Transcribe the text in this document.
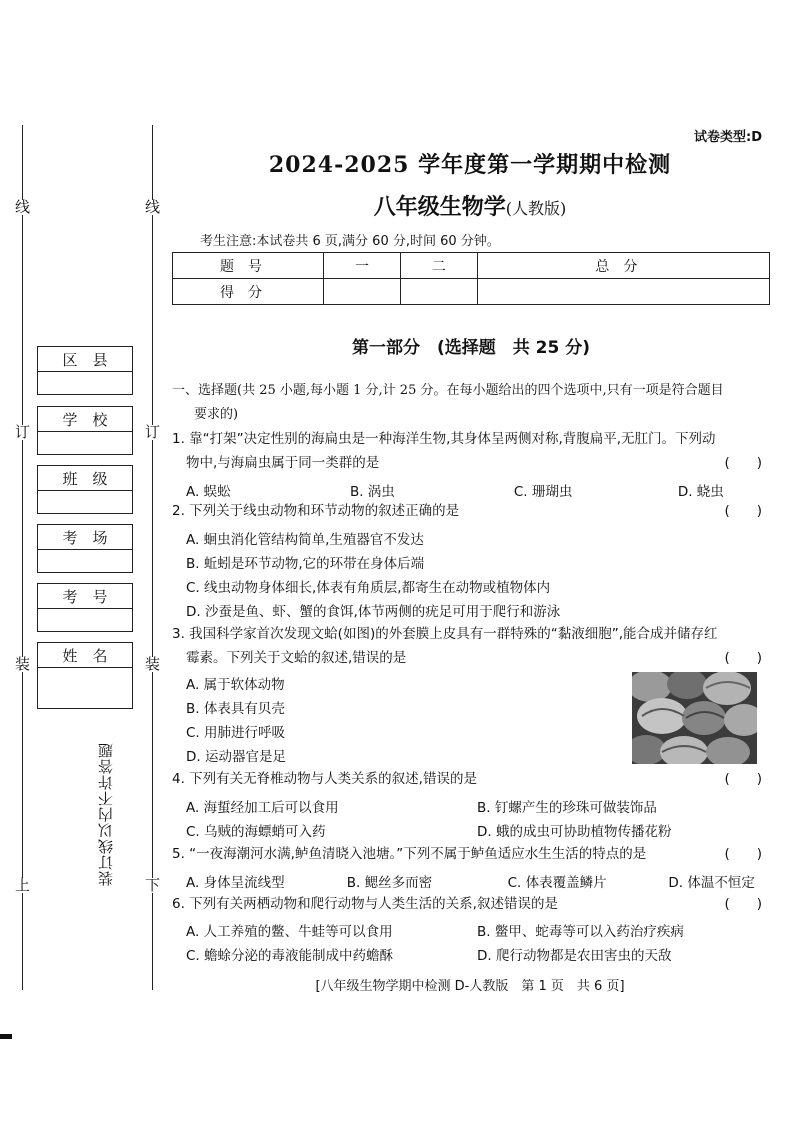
线	线
订	订
装	装
上	下
装订线以内不许答题
区　县
学　校
班　级
考　场
考　号
姓　名
试卷类型:D
2024-2025 学年度第一学期期中检测
八年级生物学(人教版)
考生注意:本试卷共 6 页,满分 60 分,时间 60 分钟。
题号	一	二	总分
得分			
第一部分　(选择题　共 25 分)
一、选择题(共 25 小题,每小题 1 分,计 25 分。在每小题给出的四个选项中,只有一项是符合题目
要求的)
1. 靠“打架”决定性别的海扁虫是一种海洋生物,其身体呈两侧对称,背腹扁平,无肛门。下列动
物中,与海扁虫属于同一类群的是	(　　)
A. 蜈蚣	B. 涡虫	C. 珊瑚虫	D. 蛲虫
2. 下列关于线虫动物和环节动物的叙述正确的是	(　　)
A. 蛔虫消化管结构简单,生殖器官不发达
B. 蚯蚓是环节动物,它的环带在身体后端
C. 线虫动物身体细长,体表有角质层,都寄生在动物或植物体内
D. 沙蚕是鱼、虾、蟹的食饵,体节两侧的疣足可用于爬行和游泳
3. 我国科学家首次发现文蛤(如图)的外套膜上皮具有一群特殊的“黏液细胞”,能合成并储存红
霉素。下列关于文蛤的叙述,错误的是	(　　)
A. 属于软体动物
B. 体表具有贝壳
C. 用肺进行呼吸
D. 运动器官是足
4. 下列有关无脊椎动物与人类关系的叙述,错误的是	(　　)
A. 海蜇经加工后可以食用	B. 钉螺产生的珍珠可做装饰品
C. 乌贼的海螵蛸可入药	D. 蛾的成虫可协助植物传播花粉
5. “一夜海潮河水满,鲈鱼清晓入池塘。”下列不属于鲈鱼适应水生生活的特点的是	(　　)
A. 身体呈流线型	B. 鳃丝多而密	C. 体表覆盖鳞片	D. 体温不恒定
6. 下列有关两栖动物和爬行动物与人类生活的关系,叙述错误的是	(　　)
A. 人工养殖的鳖、牛蛙等可以食用	B. 鳖甲、蛇毒等可以入药治疗疾病
C. 蟾蜍分泌的毒液能制成中药蟾酥	D. 爬行动物都是农田害虫的天敌
[八年级生物学期中检测 D-人教版　第 1 页　共 6 页]
